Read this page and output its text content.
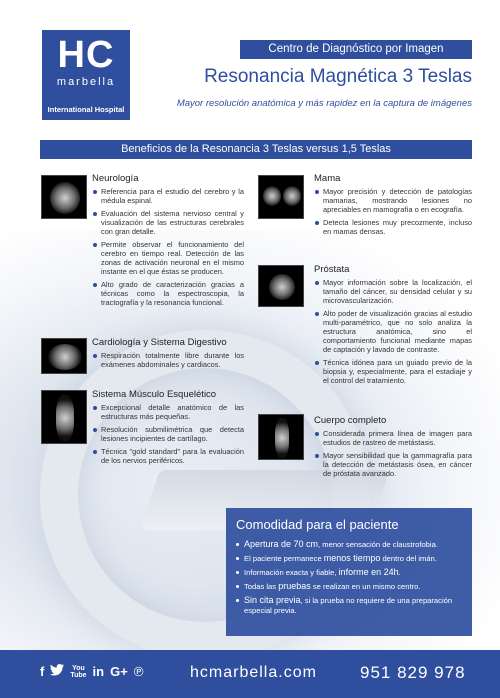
HC
marbella
International Hospital
Centro de Diagnóstico por Imagen
Resonancia Magnética 3 Teslas
Mayor resolución anatómica y más rapidez en la captura de imágenes
Beneficios de la Resonancia 3 Teslas versus 1,5 Teslas
Neurología
Referencia para el estudio del cerebro y la médula espinal.
Evaluación del sistema nervioso central y visualización de las estructuras cerebrales con gran detalle.
Permite observar el funcionamiento del cerebro en tiempo real. Detección de las zonas de activación neuronal en el mismo instante en el que éstas se producen.
Alto grado de caracterización gracias a técnicas como la espectroscopia, la tractografía y la resonancia funcional.
Cardiología y Sistema Digestivo
Respiración totalmente libre durante los exámenes abdominales y cardiacos.
Sistema Músculo Esquelético
Excepcional detalle anatómico de las estructuras más pequeñas.
Resolución submilimétrica que detecta lesiones incipientes de cartílago.
Técnica "gold standard" para la evaluación de los nervios periféricos.
Mama
Mayor precisión y detección de patologías mamarias, mostrando lesiones no apreciables en mamografía o en ecografía.
Detecta lesiones muy precozmente, incluso en mamas densas.
Próstata
Mayor información sobre la localización, el tamaño del cáncer, su densidad celular y su microvascularización.
Alto poder de visualización gracias al estudio multi-paramétrico, que no solo analiza la estructura anatómica, sino el comportamiento funcional mediante mapas de captación y lavado de contraste.
Técnica idónea para un guiado previo de la biopsia y, especialmente, para el estadiaje y el control del tratamiento.
Cuerpo completo
Considerada primera línea de imagen para estudios de rastreo de metástasis.
Mayor sensibilidad que la gammagrafía para la detección de metástasis ósea, en cáncer de próstata avanzado.
Comodidad para el paciente
Apertura de 70 cm, menor sensación de claustrofobia.
El paciente permanece menos tiempo dentro del imán.
Información exacta y fiable, informe en 24h.
Todas las pruebas se realizan en un mismo centro.
Sin cita previa, si la prueba no requiere de una preparación especial previa.
f	You
Tube in G+ ℗	hcmarbella.com	951 829 978
